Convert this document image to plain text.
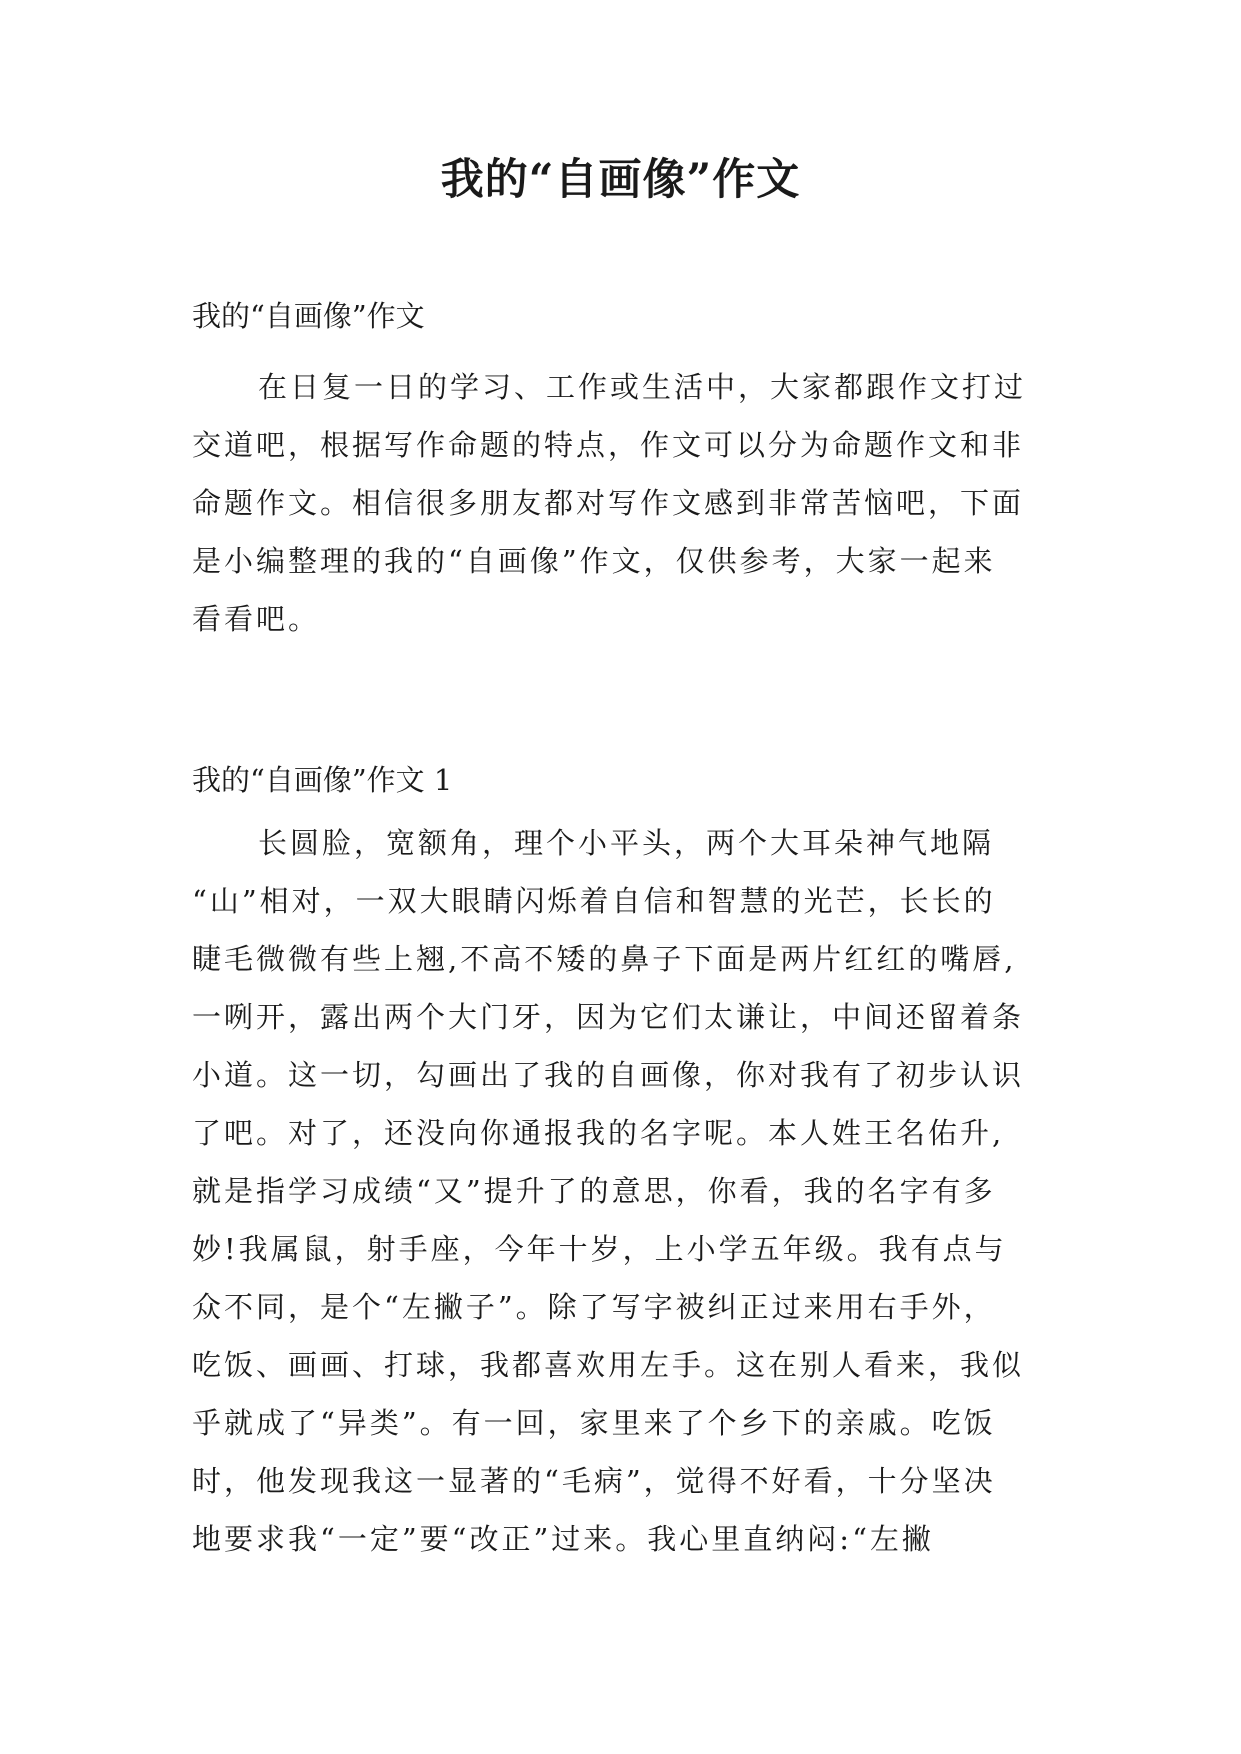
我的“自画像”作文
我的“自画像”作文
在日复一日的学习、工作或生活中，大家都跟作文打过
交道吧，根据写作命题的特点，作文可以分为命题作文和非
命题作文。相信很多朋友都对写作文感到非常苦恼吧，下面
是小编整理的我的“自画像”作文，仅供参考，大家一起来
看看吧。
我的“自画像”作文 1
长圆脸，宽额角，理个小平头，两个大耳朵神气地隔
“山”相对，一双大眼睛闪烁着自信和智慧的光芒，长长的
睫毛微微有些上翘,不高不矮的鼻子下面是两片红红的嘴唇,
一咧开，露出两个大门牙，因为它们太谦让，中间还留着条
小道。这一切，勾画出了我的自画像，你对我有了初步认识
了吧。对了，还没向你通报我的名字呢。本人姓王名佑升,
就是指学习成绩“又”提升了的意思，你看，我的名字有多
妙!我属鼠，射手座，今年十岁，上小学五年级。我有点与
众不同，是个“左撇子”。除了写字被纠正过来用右手外，
吃饭、画画、打球，我都喜欢用左手。这在别人看来，我似
乎就成了“异类”。有一回，家里来了个乡下的亲戚。吃饭
时，他发现我这一显著的“毛病”，觉得不好看，十分坚决
地要求我“一定”要“改正”过来。我心里直纳闷:“左撇
